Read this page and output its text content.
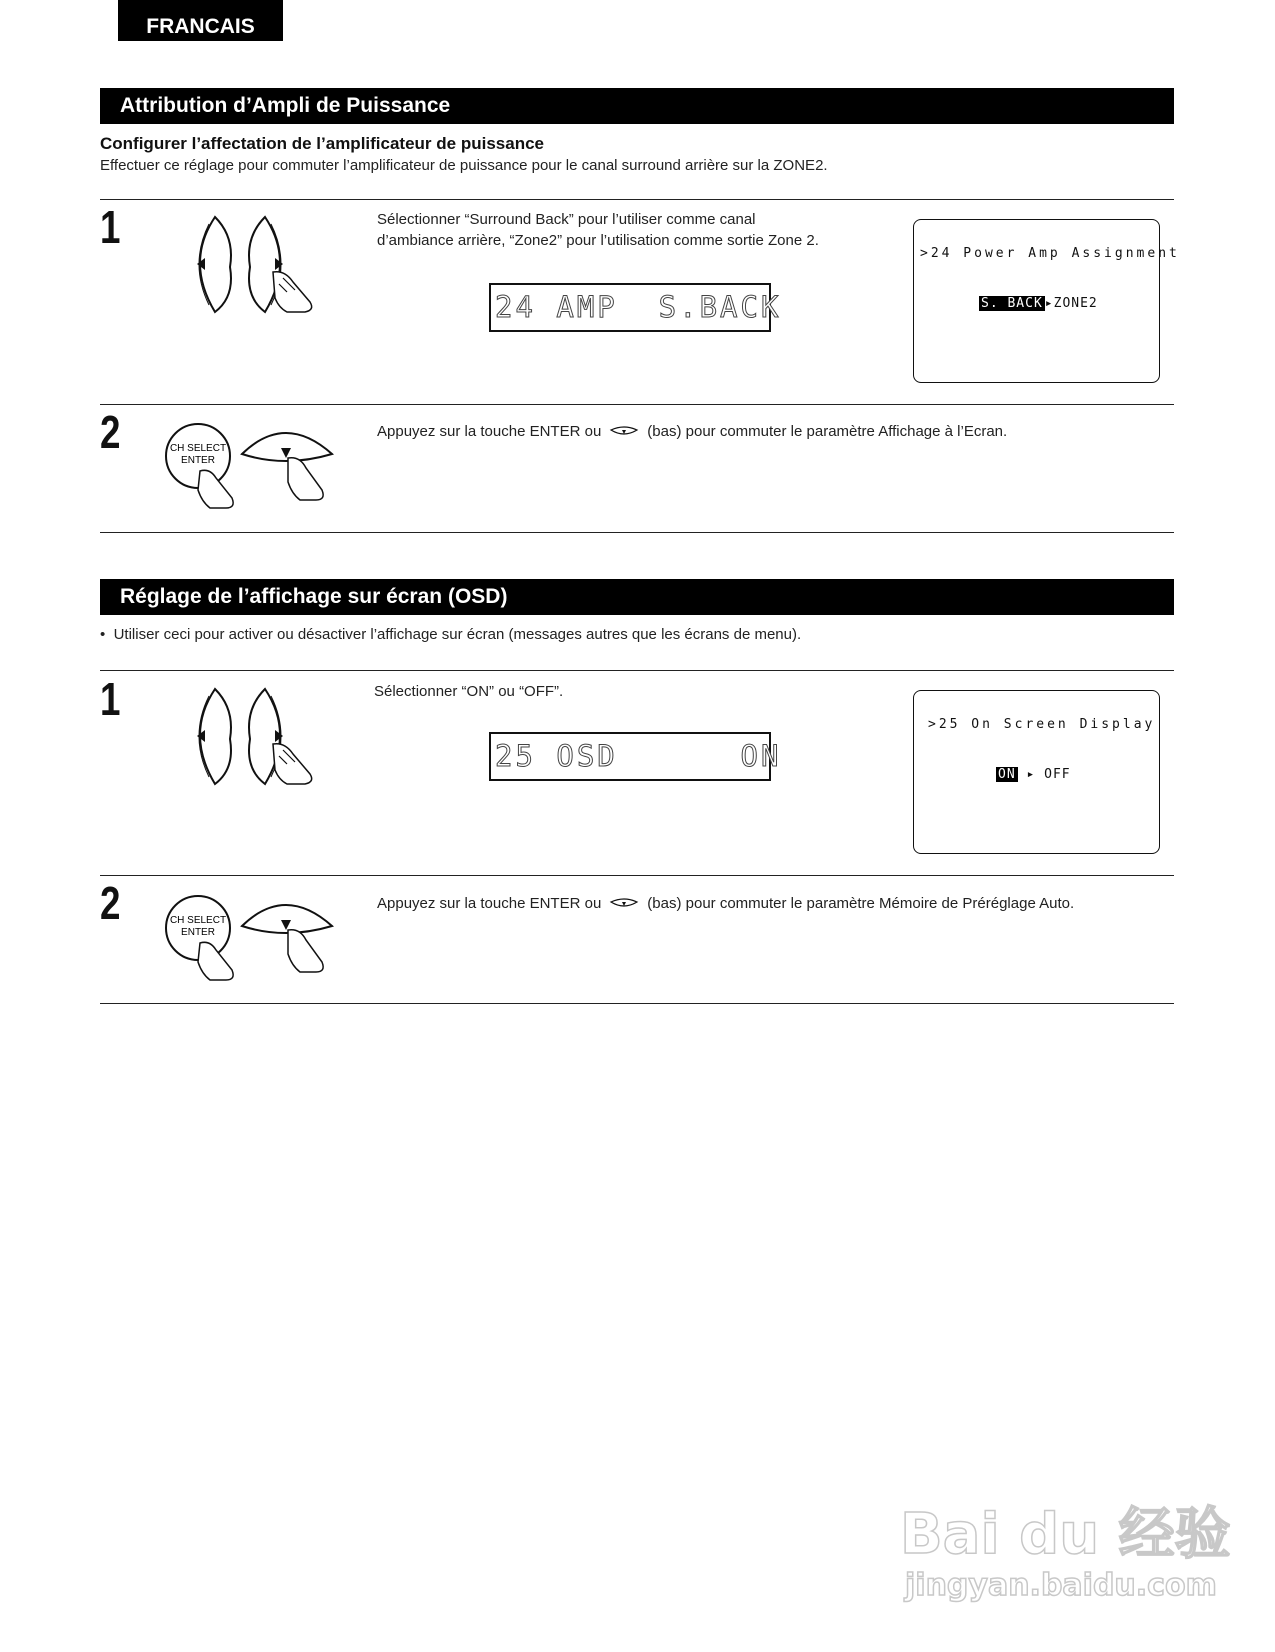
FRANCAIS
Attribution d’Ampli de Puissance
Configurer l’affectation de l’amplificateur de puissance
Effectuer ce réglage pour commuter l’amplificateur de puissance pour le canal surround arrière sur la ZONE2.
1	Sélectionner “Surround Back” pour l’utiliser comme canal
d’ambiance arrière, “Zone2” pour l’utilisation comme sortie Zone 2.
24 AMP  S.BACK
>24 Power Amp Assignment
S. BACK ▸ZONE2
2	CH SELECT
ENTER
Appuyez sur la touche ENTER ou	(bas) pour commuter le paramètre Affichage à l’Ecran.
Réglage de l’affichage sur écran (OSD)
•  Utiliser ceci pour activer ou désactiver l’affichage sur écran (messages autres que les écrans de menu).
1	Sélectionner “ON” ou “OFF”.
25 OSD      ON
>25 On Screen Display
ON ▸ OFF
2	CH SELECT
ENTER
Appuyez sur la touche ENTER ou	(bas) pour commuter le paramètre Mémoire de Préréglage Auto.
Bai du 经验
jingyan.baidu.com
